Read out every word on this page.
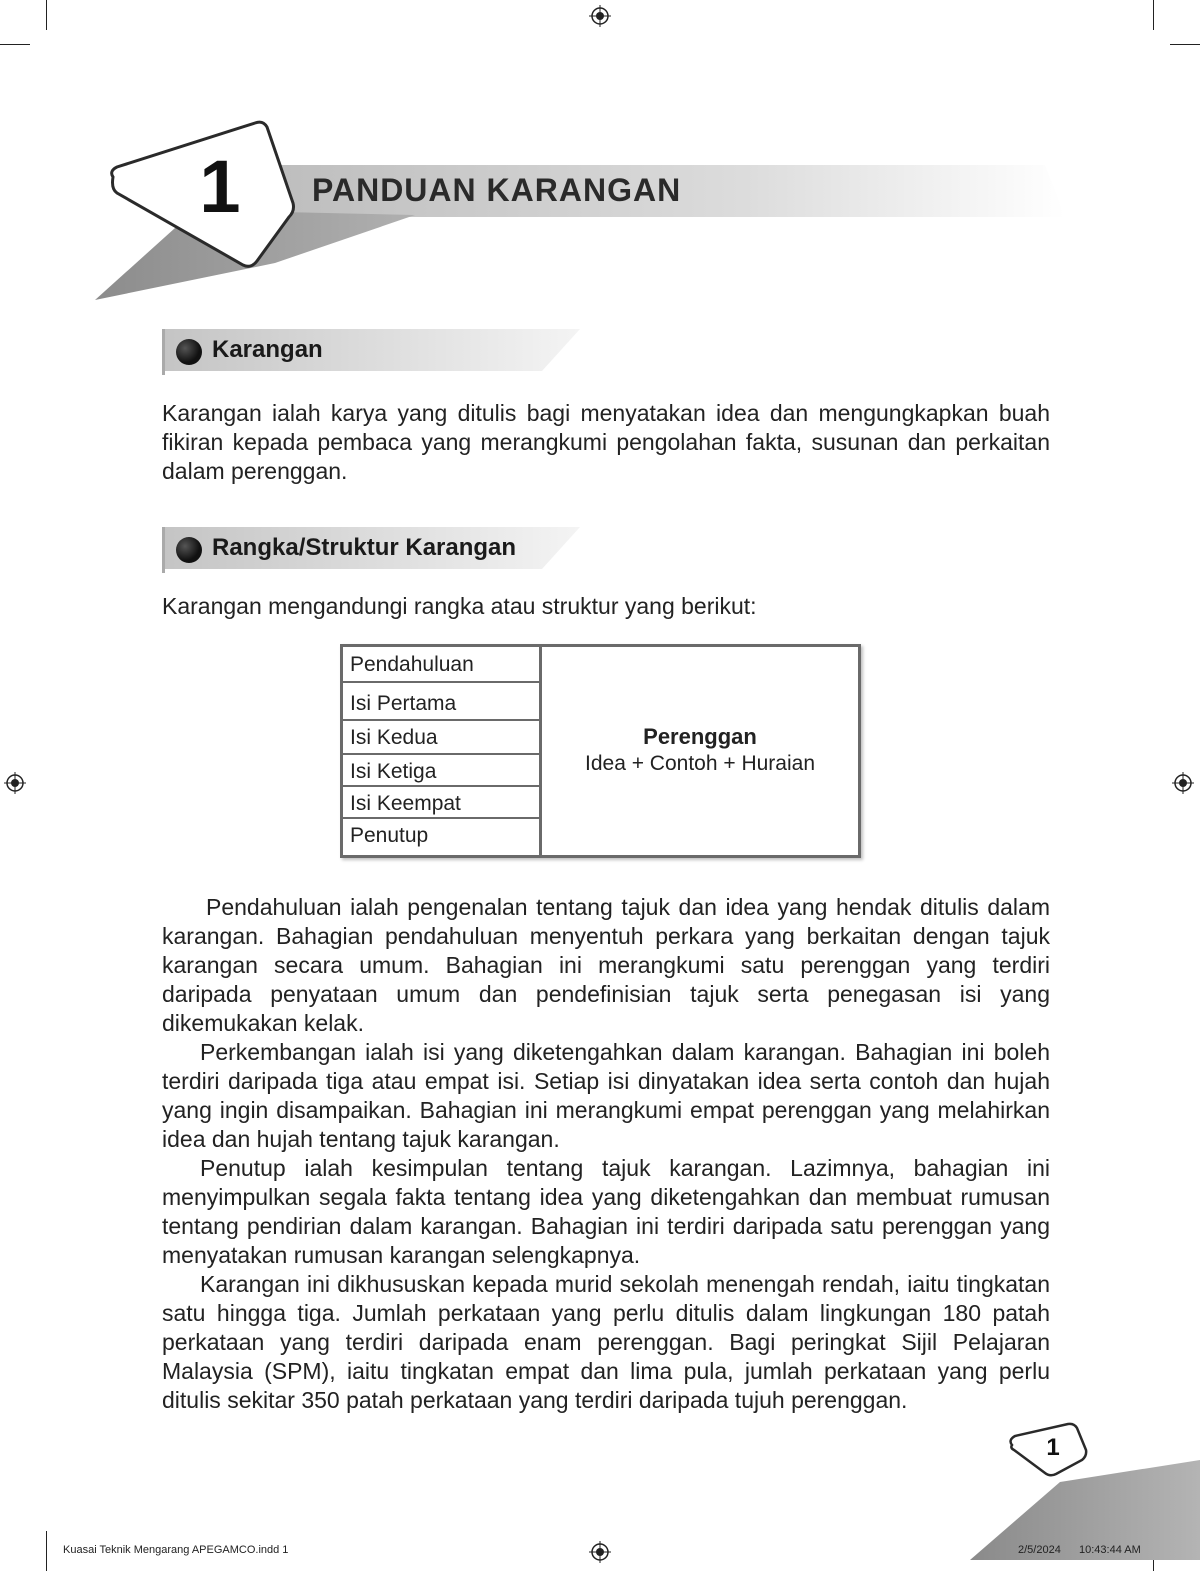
1 PANDUAN KARANGAN
Karangan

Karangan ialah karya yang ditulis bagi menyatakan idea dan mengungkapkan buah fikiran kepada pembaca yang merangkumi pengolahan fakta, susunan dan perkaitan dalam perenggan.

Rangka/Struktur Karangan

Karangan mengandungi rangka atau struktur yang berikut:

Pendahuluan
Isi Pertama
Isi Kedua
Isi Ketiga
Isi Keempat
Penutup
Perenggan
Idea + Contoh + Huraian

Pendahuluan ialah pengenalan tentang tajuk dan idea yang hendak ditulis dalam karangan. Bahagian pendahuluan menyentuh perkara yang berkaitan dengan tajuk karangan secara umum. Bahagian ini merangkumi satu perenggan yang terdiri daripada penyataan umum dan pendefinisian tajuk serta penegasan isi yang dikemukakan kelak.

Perkembangan ialah isi yang diketengahkan dalam karangan. Bahagian ini boleh terdiri daripada tiga atau empat isi. Setiap isi dinyatakan idea serta contoh dan hujah yang ingin disampaikan. Bahagian ini merangkumi empat perenggan yang melahirkan idea dan hujah tentang tajuk karangan.

Penutup ialah kesimpulan tentang tajuk karangan. Lazimnya, bahagian ini menyimpulkan segala fakta tentang idea yang diketengahkan dan membuat rumusan tentang pendirian dalam karangan. Bahagian ini terdiri daripada satu perenggan yang menyatakan rumusan karangan selengkapnya.

Karangan ini dikhususkan kepada murid sekolah menengah rendah, iaitu tingkatan satu hingga tiga. Jumlah perkataan yang perlu ditulis dalam lingkungan 180 patah perkataan yang terdiri daripada enam perenggan. Bagi peringkat Sijil Pelajaran Malaysia (SPM), iaitu tingkatan empat dan lima pula, jumlah perkataan yang perlu ditulis sekitar 350 patah perkataan yang terdiri daripada tujuh perenggan.

1
Kuasai Teknik Mengarang APEGAMCO.indd 1	2/5/2024 10:43:44 AM
